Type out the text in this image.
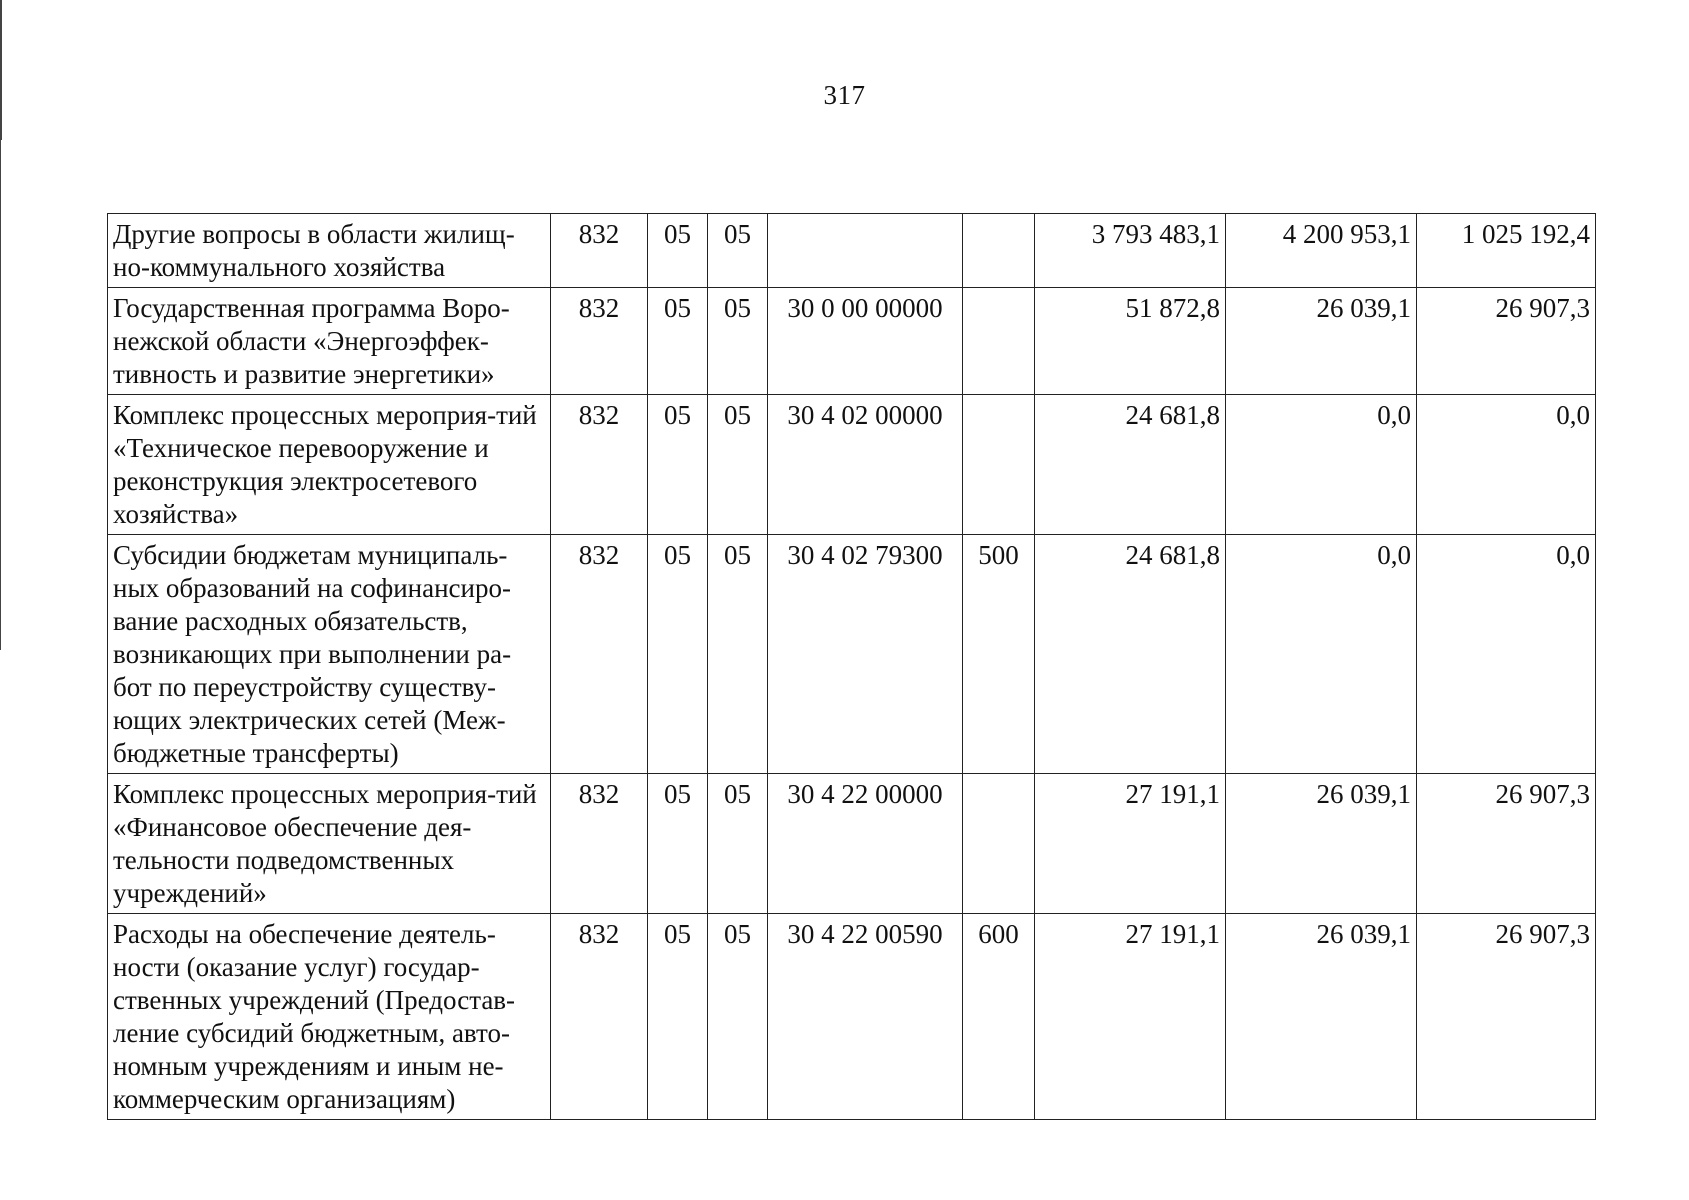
317
Другие вопросы в области жилищ-но-коммунального хозяйства	832	05	05			3 793 483,1	4 200 953,1	1 025 192,4
Государственная программа Воро-нежской области «Энергоэффек-тивность и развитие энергетики»	832	05	05	30 0 00 00000		51 872,8	26 039,1	26 907,3
Комплекс процессных мероприя-тий «Техническое перевооружение и реконструкция электросетевого хозяйства»	832	05	05	30 4 02 00000		24 681,8	0,0	0,0
Субсидии бюджетам муниципаль-ных образований на софинансиро-вание расходных обязательств, возникающих при выполнении ра-бот по переустройству существу-ющих электрических сетей (Меж-бюджетные трансферты)	832	05	05	30 4 02 79300	500	24 681,8	0,0	0,0
Комплекс процессных мероприя-тий «Финансовое обеспечение дея-тельности подведомственных учреждений»	832	05	05	30 4 22 00000		27 191,1	26 039,1	26 907,3
Расходы на обеспечение деятель-ности (оказание услуг) государ-ственных учреждений (Предостав-ление субсидий бюджетным, авто-номным учреждениям и иным не-коммерческим организациям)	832	05	05	30 4 22 00590	600	27 191,1	26 039,1	26 907,3
